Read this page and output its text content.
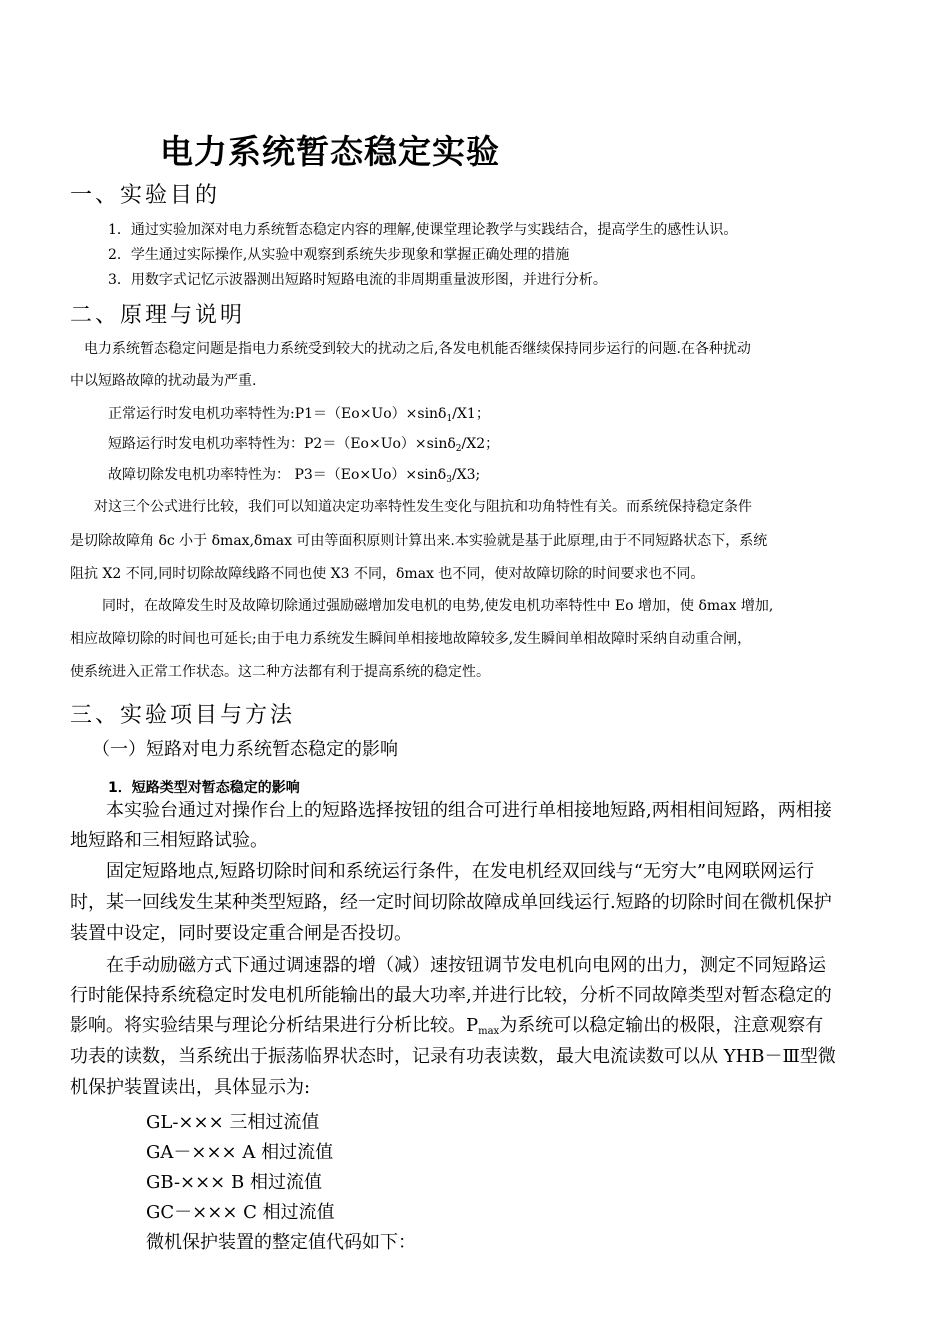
电力系统暂态稳定实验
一、实验目的
1．通过实验加深对电力系统暂态稳定内容的理解,使课堂理论教学与实践结合，提高学生的感性认识。
2．学生通过实际操作,从实验中观察到系统失步现象和掌握正确处理的措施
3．用数字式记忆示波器测出短路时短路电流的非周期重量波形图，并进行分析。
二、原理与说明
电力系统暂态稳定问题是指电力系统受到较大的扰动之后,各发电机能否继续保持同步运行的问题.在各种扰动
中以短路故障的扰动最为严重.
正常运行时发电机功率特性为:P1＝（Eo×Uo）×sinδ$_1$/X1；
短路运行时发电机功率特性为：P2＝（Eo×Uo）×sinδ$_2$/X2；
故障切除发电机功率特性为： P3＝（Eo×Uo）×sinδ$_3$/X3;
对这三个公式进行比较，我们可以知道决定功率特性发生变化与阻抗和功角特性有关。而系统保持稳定条件
是切除故障角 δc 小于 δmax,δmax 可由等面积原则计算出来.本实验就是基于此原理,由于不同短路状态下，系统
阻抗 X2 不同,同时切除故障线路不同也使 X3 不同，δmax 也不同，使对故障切除的时间要求也不同。
同时，在故障发生时及故障切除通过强励磁增加发电机的电势,使发电机功率特性中 Eo 增加，使 δmax 增加,
相应故障切除的时间也可延长;由于电力系统发生瞬间单相接地故障较多,发生瞬间单相故障时采纳自动重合闸，
使系统进入正常工作状态。这二种方法都有利于提高系统的稳定性。
三、实验项目与方法
（一）短路对电力系统暂态稳定的影响
1．短路类型对暂态稳定的影响
本实验台通过对操作台上的短路选择按钮的组合可进行单相接地短路,两相相间短路，两相接
地短路和三相短路试验。
固定短路地点,短路切除时间和系统运行条件，在发电机经双回线与“无穷大”电网联网运行
时，某一回线发生某种类型短路，经一定时间切除故障成单回线运行.短路的切除时间在微机保护
装置中设定，同时要设定重合闸是否投切。
在手动励磁方式下通过调速器的增（减）速按钮调节发电机向电网的出力，测定不同短路运
行时能保持系统稳定时发电机所能输出的最大功率,并进行比较，分析不同故障类型对暂态稳定的
影响。将实验结果与理论分析结果进行分析比较。$P_{max}$为系统可以稳定输出的极限，注意观察有
功表的读数，当系统出于振荡临界状态时，记录有功表读数，最大电流读数可以从 YHB－Ⅲ型微
机保护装置读出，具体显示为:
GL-××× 三相过流值
GA－××× A 相过流值
GB-××× B 相过流值
GC－××× C 相过流值
微机保护装置的整定值代码如下：
